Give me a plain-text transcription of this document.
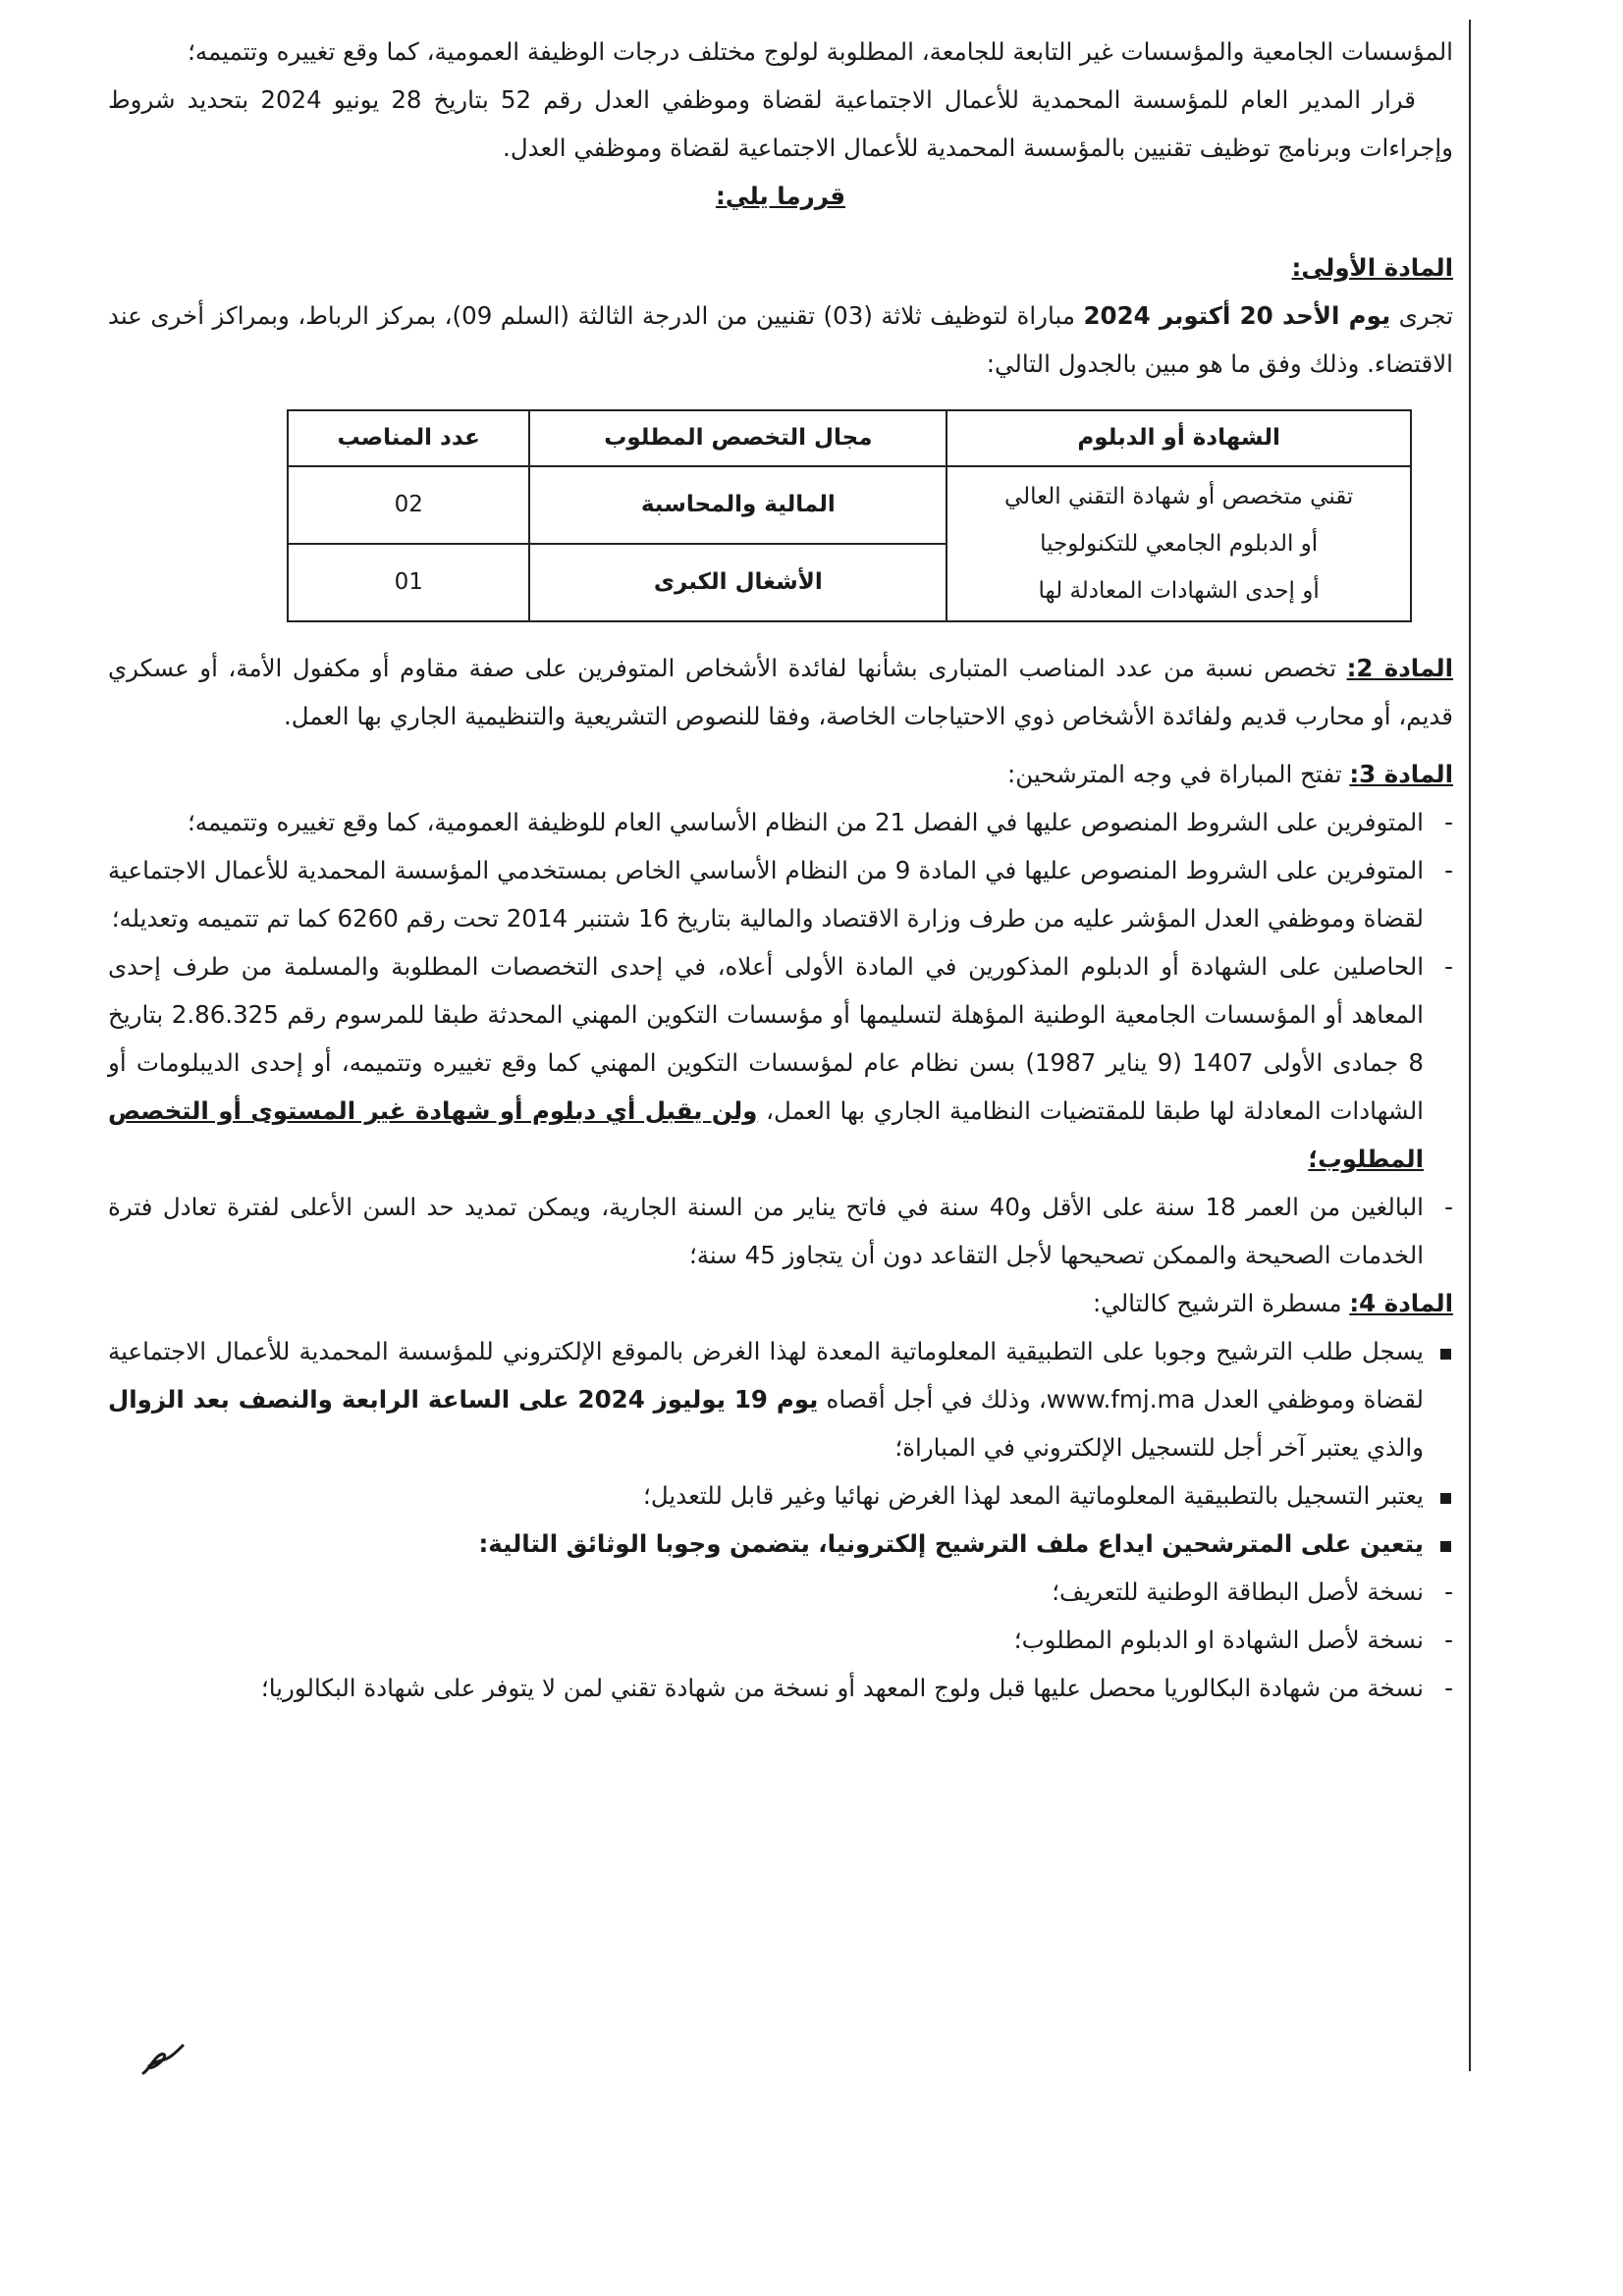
المؤسسات الجامعية والمؤسسات غير التابعة للجامعة، المطلوبة لولوج مختلف درجات الوظيفة العمومية، كما وقع تغييره وتتميمه؛

قرار المدير العام للمؤسسة المحمدية للأعمال الاجتماعية لقضاة وموظفي العدل رقم 52 بتاريخ 28 يونيو 2024 بتحديد شروط وإجراءات وبرنامج توظيف تقنيين بالمؤسسة المحمدية للأعمال الاجتماعية لقضاة وموظفي العدل.

قررما يلي:

المادة الأولى:

تجرى يوم الأحد 20 أكتوبر 2024 مباراة لتوظيف ثلاثة (03) تقنيين من الدرجة الثالثة (السلم 09)، بمركز الرباط، وبمراكز أخرى عند الاقتضاء. وذلك وفق ما هو مبين بالجدول التالي:

الشهادة أو الدبلوم	مجال التخصص المطلوب	عدد المناصب

تقني متخصص أو شهادة التقني العالي
أو الدبلوم الجامعي للتكنولوجيا
أو إحدى الشهادات المعادلة لها	المالية والمحاسبة	02
	الأشغال الكبرى	01

المادة 2: تخصص نسبة من عدد المناصب المتبارى بشأنها لفائدة الأشخاص المتوفرين على صفة مقاوم أو مكفول الأمة، أو عسكري قديم، أو محارب قديم ولفائدة الأشخاص ذوي الاحتياجات الخاصة، وفقا للنصوص التشريعية والتنظيمية الجاري بها العمل.

المادة 3: تفتح المباراة في وجه المترشحين:

-
المتوفرين على الشروط المنصوص عليها في الفصل 21 من النظام الأساسي العام للوظيفة العمومية، كما وقع تغييره وتتميمه؛
-
المتوفرين على الشروط المنصوص عليها في المادة 9 من النظام الأساسي الخاص بمستخدمي المؤسسة المحمدية للأعمال الاجتماعية لقضاة وموظفي العدل المؤشر عليه من طرف وزارة الاقتصاد والمالية بتاريخ 16 شتنبر 2014 تحت رقم 6260 كما تم تتميمه وتعديله؛
-
الحاصلين على الشهادة أو الدبلوم المذكورين في المادة الأولى أعلاه، في إحدى التخصصات المطلوبة والمسلمة من طرف إحدى المعاهد أو المؤسسات الجامعية الوطنية المؤهلة لتسليمها أو مؤسسات التكوين المهني المحدثة طبقا للمرسوم رقم 2.86.325 بتاريخ 8 جمادى الأولى 1407 (9 يناير 1987) بسن نظام عام لمؤسسات التكوين المهني كما وقع تغييره وتتميمه، أو إحدى الديبلومات أو الشهادات المعادلة لها طبقا للمقتضيات النظامية الجاري بها العمل، ولن يقبل أي دبلوم أو شهادة غير المستوى أو التخصص المطلوب؛
-
البالغين من العمر 18 سنة على الأقل و40 سنة في فاتح يناير من السنة الجارية، ويمكن تمديد حد السن الأعلى لفترة تعادل فترة الخدمات الصحيحة والممكن تصحيحها لأجل التقاعد دون أن يتجاوز 45 سنة؛

المادة 4: مسطرة الترشيح كالتالي:

يسجل طلب الترشيح وجوبا على التطبيقية المعلوماتية المعدة لهذا الغرض بالموقع الإلكتروني للمؤسسة المحمدية للأعمال الاجتماعية لقضاة وموظفي العدل www.fmj.ma، وذلك في أجل أقصاه يوم 19 يوليوز 2024 على الساعة الرابعة والنصف بعد الزوال والذي يعتبر آخر أجل للتسجيل الإلكتروني في المباراة؛
يعتبر التسجيل بالتطبيقية المعلوماتية المعد لهذا الغرض نهائيا وغير قابل للتعديل؛
يتعين على المترشحين ايداع ملف الترشيح إلكترونيا، يتضمن وجوبا الوثائق التالية:
-
نسخة لأصل البطاقة الوطنية للتعريف؛
-
نسخة لأصل الشهادة او الدبلوم المطلوب؛
-
نسخة من شهادة البكالوريا محصل عليها قبل ولوج المعهد أو نسخة من شهادة تقني لمن لا يتوفر على شهادة البكالوريا؛
